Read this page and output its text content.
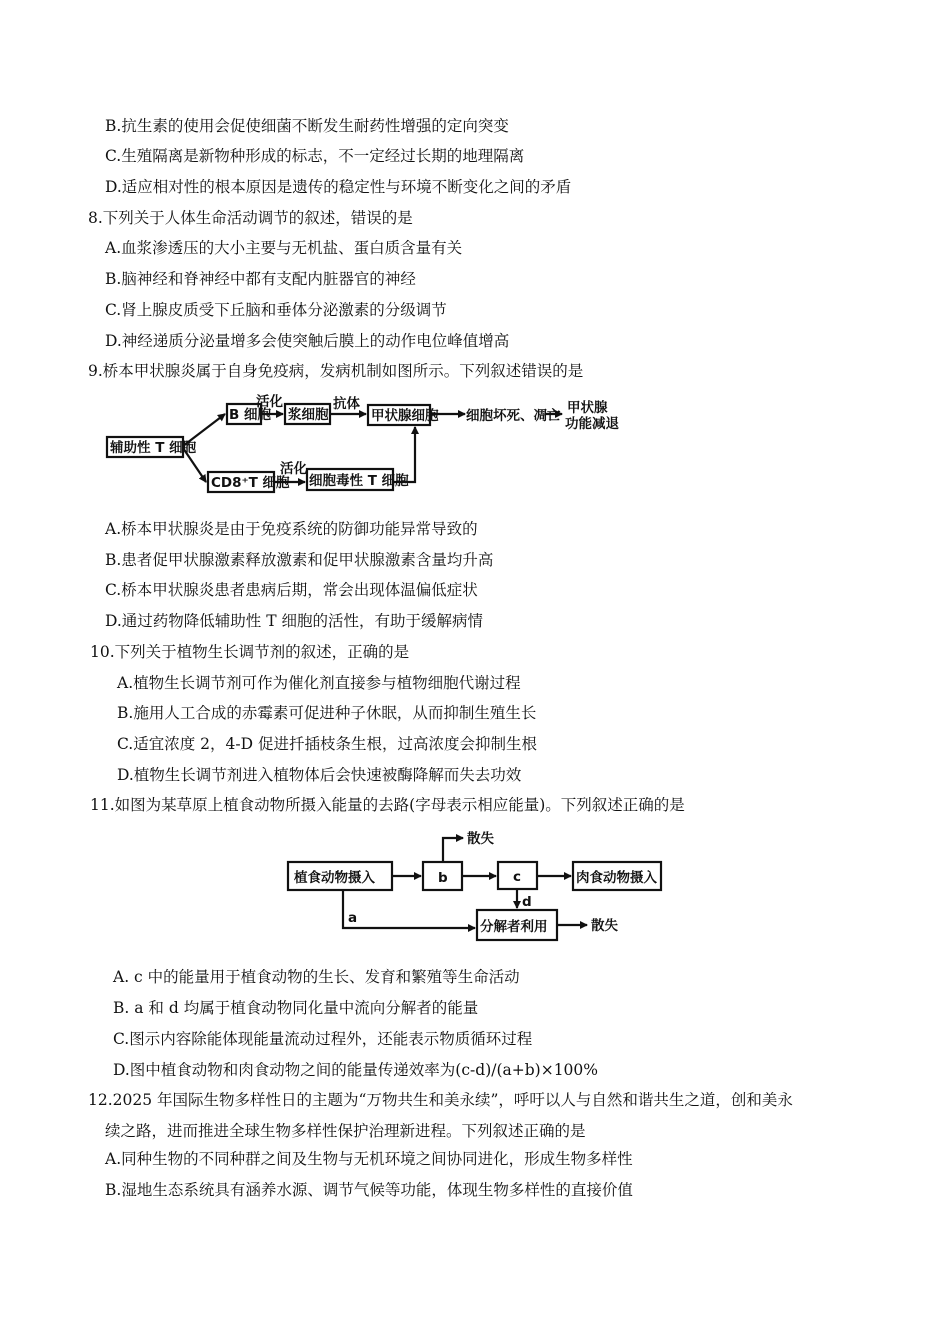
B.抗生素的使用会促使细菌不断发生耐药性增强的定向突变
C.生殖隔离是新物种形成的标志，不一定经过长期的地理隔离
D.适应相对性的根本原因是遗传的稳定性与环境不断变化之间的矛盾
8.下列关于人体生命活动调节的叙述，错误的是
A.血浆渗透压的大小主要与无机盐、蛋白质含量有关
B.脑神经和脊神经中都有支配内脏器官的神经
C.肾上腺皮质受下丘脑和垂体分泌激素的分级调节
D.神经递质分泌量增多会使突触后膜上的动作电位峰值增高
9.桥本甲状腺炎属于自身免疫病，发病机制如图所示。下列叙述错误的是
辅助性 T 细胞
B 细胞 浆细胞	甲状腺细胞
CD8⁺T 细胞 细胞毒性 T 细胞
活化	抗体
活化
细胞坏死、凋亡 甲状腺
功能减退
植食动物摄入	b	c	肉食动物摄入
分解者利用
散失
散失
d
a
A.桥本甲状腺炎是由于免疫系统的防御功能异常导致的
B.患者促甲状腺激素释放激素和促甲状腺激素含量均升高
C.桥本甲状腺炎患者患病后期，常会出现体温偏低症状
D.通过药物降低辅助性 T 细胞的活性，有助于缓解病情
10.下列关于植物生长调节剂的叙述，正确的是
A.植物生长调节剂可作为催化剂直接参与植物细胞代谢过程
B.施用人工合成的赤霉素可促进种子休眠，从而抑制生殖生长
C.适宜浓度 2，4-D 促进扦插枝条生根，过高浓度会抑制生根
D.植物生长调节剂进入植物体后会快速被酶降解而失去功效
11.如图为某草原上植食动物所摄入能量的去路(字母表示相应能量)。下列叙述正确的是
A. c 中的能量用于植食动物的生长、发育和繁殖等生命活动
B. a 和 d 均属于植食动物同化量中流向分解者的能量
C.图示内容除能体现能量流动过程外，还能表示物质循环过程
D.图中植食动物和肉食动物之间的能量传递效率为(c-d)/(a+b)×100%
12.2025 年国际生物多样性日的主题为“万物共生和美永续”，呼吁以人与自然和谐共生之道，创和美永
续之路，进而推进全球生物多样性保护治理新进程。下列叙述正确的是
A.同种生物的不同种群之间及生物与无机环境之间协同进化，形成生物多样性
B.湿地生态系统具有涵养水源、调节气候等功能，体现生物多样性的直接价值
